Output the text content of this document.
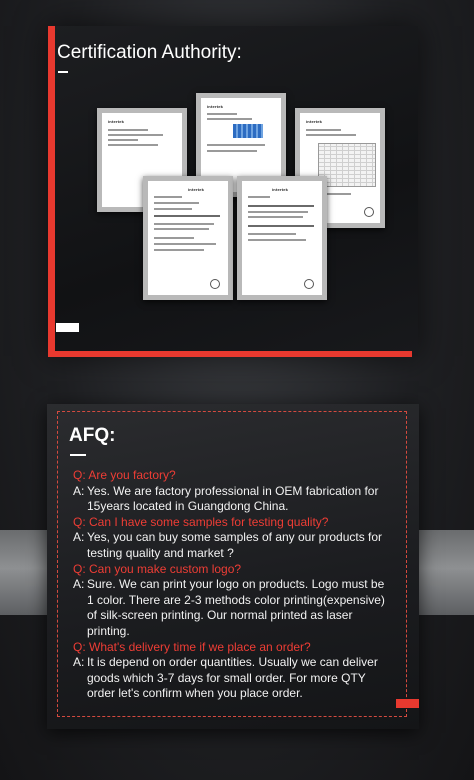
Certification Authority:
intertek
intertek
intertek
intertek	intertek
AFQ:
Q: Are you factory?
A: Yes. We are factory professional in OEM fabrication for 15years located in Guangdong China.
Q: Can I have some samples for testing quality?
A: Yes, you can buy some samples of any our products for testing quality and market ?
Q: Can you make custom logo?
A: Sure. We can print your logo on products. Logo must be 1 color. There are 2-3 methods color printing(expensive) of silk-screen printing. Our normal printed as laser printing.
Q: What's delivery time if we place an order?
A: It is depend on order quantities. Usually we can deliver goods which 3-7 days for small order. For more QTY order let's confirm when you place order.
